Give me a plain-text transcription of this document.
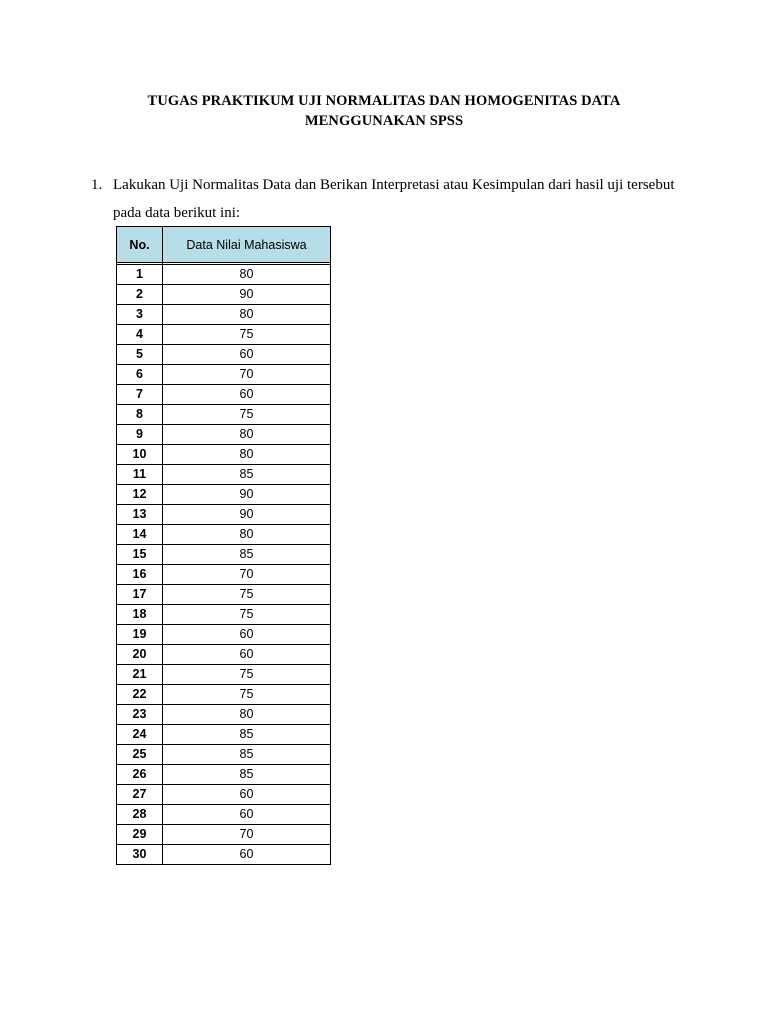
TUGAS PRAKTIKUM UJI NORMALITAS DAN HOMOGENITAS DATA
MENGGUNAKAN SPSS
1. Lakukan Uji Normalitas Data dan Berikan Interpretasi atau Kesimpulan dari hasil uji tersebut
pada data berikut ini:
No.	Data Nilai Mahasiswa

1	80
2	90
3	80
4	75
5	60
6	70
7	60
8	75
9	80
10	80
11	85
12	90
13	90
14	80
15	85
16	70
17	75
18	75
19	60
20	60
21	75
22	75
23	80
24	85
25	85
26	85
27	60
28	60
29	70
30	60
